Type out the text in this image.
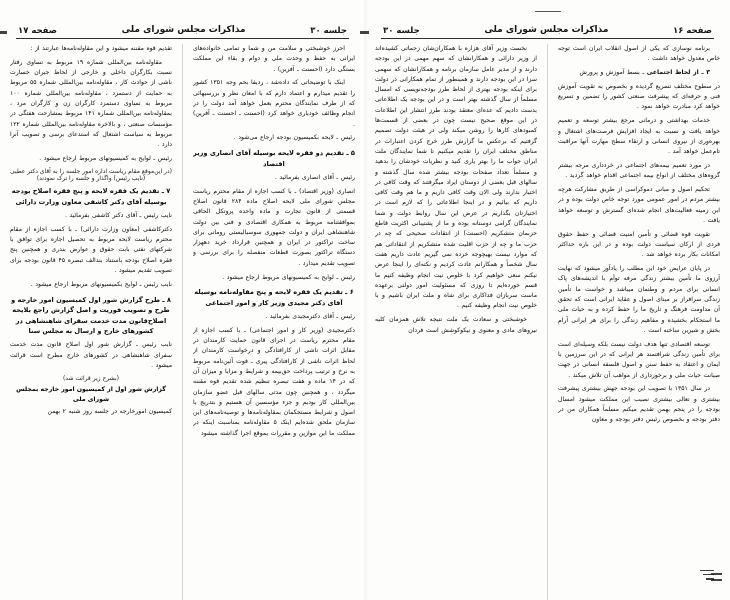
صفحه ۱۶
مذاکرات مجلس شورای ملی
جلسه ۳۰

برنامه نوسازی که یکی از اصول انقلاب ایران است توجه خاص معدول خواهد داشت .

۳ ـ از لحاظ اجتماعی ـ بسط آموزش و پرورش

در سطوح مختلف تسریع گردیده و بخصوص به تقویت آموزش فنی و حرفه‌ای که پیشرفت صنعتی کشور را تضمین و تسریع خواهد کرد مبادرت خواهد نمود .

خدمات بهداشتی و درمانی مرجع بیشتر توسعه و تعمیم خواهد یافت و نسبت به ایجاد افزایش فرصت‌های اشتغال و بهره‌وری از نیروی انسانی و ارتقاء سطح مهارت آنها مراقبت تام‌عمل خواهد آمد .

در مورد تعمیم بیمه‌های اجتماعی در خردداری مرجه بیشتر گروه‌های مختلف از انواع بیمه اجتماعی اقدام خواهد گردید .

تحکیم اصول و مبانی دموکراسی از طریق مشارکت هرچه بیشتر مردم در امور عمومی مورد توجه خاص دولت بوده و در این زمینه فعالیت‌های انجام شده‌ای گسترش و توسعه خواهد یافت .

تقویت قوه قضائی و تأمین امنیت قضائی و حفظ حقوق فردی از ارکان سیاست دولت بوده و در این باره حداکثر امکانات بکار برده خواهد شد .

در پایان عرایض خود این مطلب را یادآور میشود که نهایت آرزوی ما تأمین بیشتر زندگی مرفه توأم با اندیشه‌های پاک انسانی برای مردم و وطنمان میباشد و خواست ما تأمین زندگی سرافراز بر مبنای اصول و عقاید ایرانی است که تحقق آن مداومت فرهنگ و تاریخ ما را حفظ کرده و به حیات ملی ما استحکام بخشیده و مفاهیم زندگی را برای هر ایرانی آرام بخش و شیرین ساخته است .

توسعه اقتصادی تنها هدف دولت نیست بلکه وسیله‌ای است برای تأمین زندگی شرافتمند هر ایرانی که در این سرزمین با ایمان و اعتقاد به حفظ سنن و اصول فلسفه انسانی در جهت صیانت حیات ملی و برخورداری از مواهب آن تلاش میکند .

در سال ۱۳۵۱ با تصویب این بودجه جهش بیشتری پیشرفت بیشتری و تعالی بیشتری نصیب این مملکت میشود امسال بودجه را در پنجم بهمن تقدیم میکنم مسلماً همکاران من در دفتر بودجه و بخصوص رئیس دفتر بودجه و معاون

نخست وزیر آقای هزاره با همکاران‌شان زحماتی کشیده‌اند از وزیر دارائی و همکارانشان که سهم مهمی در این بودجه دارند و از مدیر عامل سازمان برنامه و همکارانشان که سهمی سزا در این بودجه دارند و همینطور از تمام همکارانی در دولت برای اینکه بودجه بهتری از لحاظ طرز بودجه‌نویسی که امسال مسلماً از سال گذشته بهتر است و در این بودجه یک اطلاعاتی بدست دادیم که عده‌ای معتقد بودند طرز انتشار این اطلاعات در این موقع صحیح نیست چون در بعضی از قسمت‌ها کمبودهای کارها را روشن میکند ولی در هیئت دولت تصمیم گرفتیم که برعکس ما گزارش طرز خرج کردن اعتبارات در مناطق مختلف ایران را تقدیم میکنیم تا شما نمایندگان ملت ایران جواب ما را بهتر یاری کنید و نظریات خودشان را بدهید و مسلماً تعداد صفحات بودجه بیشتر شده سال گذشته و سالهای قبل بعضی از دوستان ایراد میگرفتند که وقت کافی در اختیار ندارند ولی الان وقت کافی داریم و ما هم وقت کافی داریم که بیائیم و در اینجا اطلاعاتی را که لازم است در اختیارتان بگذاریم در عرض این سال روابط دولت و شما نمایندگان گرامی دوستانه بوده و ما از پشتیبانی اکثریت قاطع حزبمان متشکریم (احسنت) از انتقادات صحیحی که چه در حزب ما و چه از حزب اقلیت شده متشکریم از انتقاداتی هم که موارد نیست بهیچوجه خرده نمی گیریم عادت داریم هفت سال شخصاً و همکارانم عادت کردیم و نکته‌ای را اینجا عرض نیکنم سعی خواهیم کرد با خلوص نیت انجام وظیفه کنیم ما قسم خورده‌ایم تا روزی که مسئولیت امور دولتی برعهده ماست سربازان فداکاری برای شاه و ملت ایران باشیم و با خلوص نیت انجام وظیفه کنیم .

خوشبختی و سعادت یک ملت نتیجه تلاش همزمان کلیه نیروهای مادی و معنوی و نیکوکوشش است فردان

جلسه ۳۰
مذاکرات مجلس شورای ملی
صفحه ۱۷

احرز خوشبختی و سلامت من و شما و تمامی خانواده‌های ایرانی به حفظ و وحدت ملی و دوام و بقاء این مملکت بستگی دارد (احسنت ـ آفرین) .

اینک با توضیحاتی که داده‌شد ، ردیفا بحم وجه ۱۳۵۱ کشور را تقدیم میدارم و اعتماد دارم که با امعان نظر و بررسیهائی که از طرف نمایندگان محترم بعمل خواهد آمد دولت را در انجام وظائف خودیاری خواهد کرد (احسنت ـ احسنت ـ آفرین) .

رئیس ـ لایحه بکمیسیون بودجه ارجاع می‌شود .

۵ ـ تقدیم دو فقره لایحه بوسیله آقای انصاری وزیر اقتصاد

رئیس ـ آقای انصاری بفرمائید .

انصاری (وزیر اقتصاد) ـ با کسب اجازه از مقام محترم ریاست مجلس شورای ملی لایحه اصلاح ماده ۲۸۴ قانون اصلاح قسمتی از قانون تجارت و ماده واحده پروتکل الحاقی بموافقتنامه مربوط به همکاری اقتصادی و فنی بین دولت شاهنشاهی ایران و دولت جمهوری سوسیالیستی رومانی برای ساخت تراکتور در ایران و همچنین قرارداد خرید دههزار دستگاه تراکتور بصورت قطعات منفصله را برای بررسی و تصویب تقدیم میدارد .

رئیس ـ لوایح به کمیسیونهای مربوط ارجاع میشود .

۶ ـ تقدیم یک فقره لایحه و پنج مقاوله‌نامه بوسیله آقای دکتر مجیدی وزیر کار و امور اجتماعی

رئیس ـ آقای دکترمجیدی بفرمائید .

دکترمجیدی (وزیر کار و امور اجتماعی) ـ با کسب اجازه از مقام محترم ریاست در اجرای قانون حمایت کارمندان در مقابل اثرات ناشی از کارافتادگی و درخواست کارمندان از لحاظ اثرات ناشی از کارافتادگی پیری ـ فوت آئین‌نامه مربوط به نرخ و ترتیب پرداخت حق‌بیمه و شرایط و مزایا و میزان آن که در ۱۴ ماده و هفت تبصره تنظیم شده تقدیم قوه مقننه میگردد ، و همچنین چون مدتی سالهای قبل عضو سازمان بین‌المللی کار بودیم و جزء مؤسسین آن هستیم و بتدریج با اصول و شرایط مستحکمان بمقاوله‌نامه‌ها و توصیه‌نامه‌های این سازمان ملحق شده‌ایم اینک ۵ مقاوله‌نامه بمناسبت اینکه در مملکت ما این موازین و مقررات بموقع اجرا گذاشته میشود

تقدیم قوه مقننه میشود و این مقاوله‌نامه‌ها عبارتند از :

مقاوله‌نامه بین‌المللی شماره ۱۹ مربوط به تساوی رفتار نسبت بکارگران داخلی و خارجی از لحاظ جبران خسارت ناشی از حوادث کار ، مقاوله‌نامه بین‌المللی شماره ۵۵ مربوط به حمایت از دستمزد ، مقاوله‌نامه بین‌المللی شماره ۱۰۰ مربوط به تساوی دستمزد کارگران زن و کارگران مرد ، بمقاوله‌نامه بین‌المللی شماره ۱۴۱ مربوط بمشارحت هفتگی در مؤسسات صنعتی ، و بالاخره مقاوله‌نامه بین‌المللی شماره ۱۲۲ مربوط به سیاست اشتغال که استدعای برسی و تصویب آنرا دارد .

رئیس ـ لوایح به کمیسیونهای مربوط ارجاع میشود .

(در این‌موقع مقام ریاست اداره امور جلسه را به آقای دکتر عطیی (نایب رئیس) واگذار و جلسه را ترک نمودند)

۷ ـ تقدیم یک فقره لایحه و پنج فقره اصلاح بودجه بوسیله آقای دکتر کاشفی معاون وزارت دارائی

نایب رئیس ـ آقای دکتر کاشفی بفرمائید .

دکترکاشفی (معاون وزارت دارائی) ـ با کسب اجازه از مقام محترم ریاست لایحه مربوط به تحصیل اجازه برای توافق با شرکتهای نفتی بابت حقوق و عوارض بندری و همچنین پنج فقره اصلاح بودجه باستناد بندالف تبصره ۴۵ قانون بودجه برای تصویب تقدیم میشود .

نایب رئیس ـ لوایح بکمیسیونهای مربوط ارجاع میشود .

۸ ـ طرح گزارش شور اول کمیسیون امور خارجه و طرح و تصویب فوریت و اصل گزارش راجع بلایحه اصلاح‌قانون مدت خدمت سفرای شاهنشاهی در کشورهای خارج و ارسال به مجلس سنا

نایب رئیس ـ گزارش شور اول اصلاح قانون مدت خدمت سفرای شاهنشاهی در کشورهای خارج مطرح است قرائت میشود .

(بشرح زیر قرائت شد)

گزارش شور اول از کمیسیون امور خارجه بمجلس شورای ملی

کمیسیون امورخارجه در جلسه روز شنبه ۲ بهمن
